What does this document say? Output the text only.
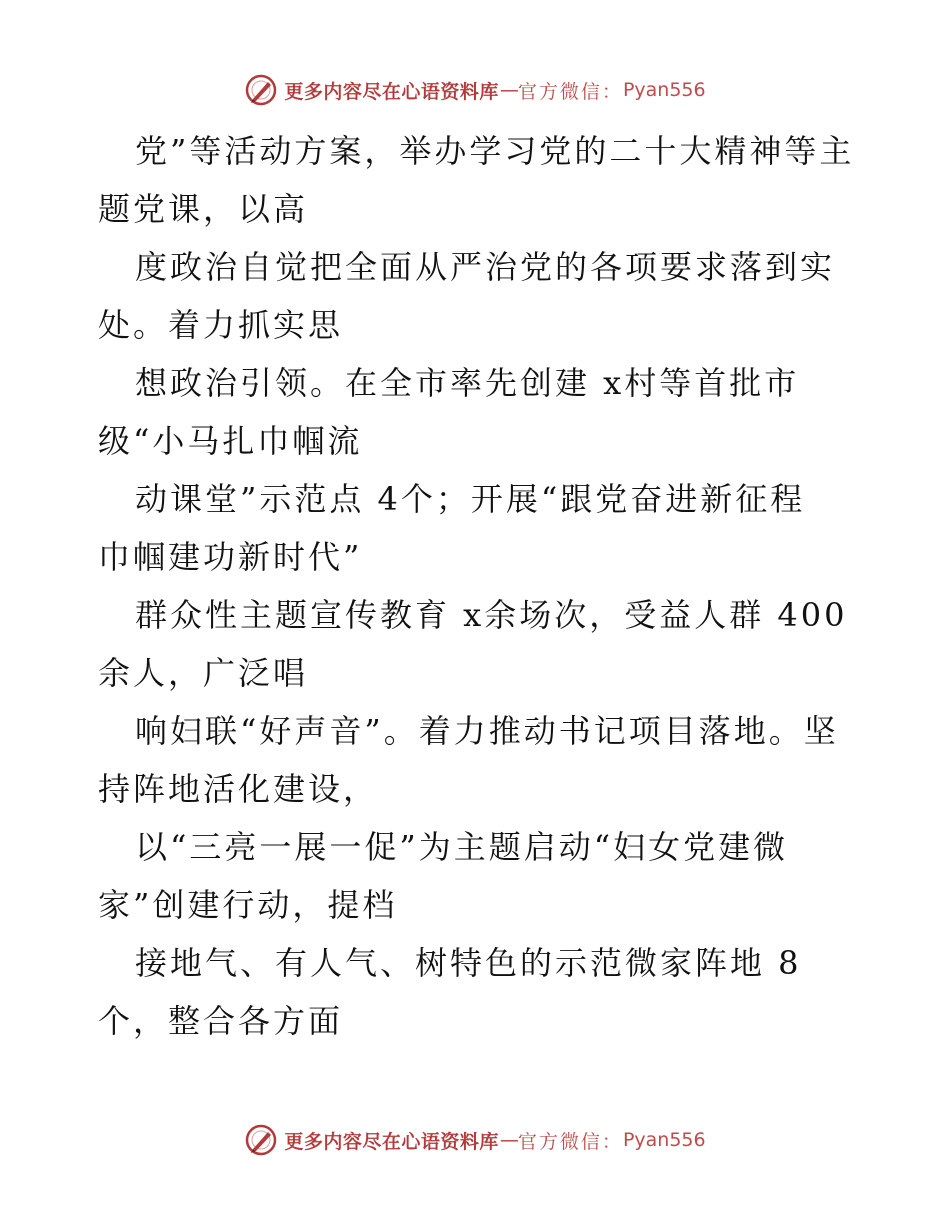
更多内容尽在心语资料库 — 官方微信： Pyan556
党”等活动方案，举办学习党的二十大精神等主
题党课，以高
度政治自觉把全面从严治党的各项要求落到实
处。着力抓实思
想政治引领。在全市率先创建 x村等首批市
级“小马扎巾帼流
动课堂”示范点 4个；开展“跟党奋进新征程
巾帼建功新时代”
群众性主题宣传教育 x余场次，受益人群 400
余人，广泛唱
响妇联“好声音”。着力推动书记项目落地。坚
持阵地活化建设，
以“三亮一展一促”为主题启动“妇女党建微
家”创建行动，提档
接地气、有人气、树特色的示范微家阵地 8
个，整合各方面
更多内容尽在心语资料库 — 官方微信： Pyan556
